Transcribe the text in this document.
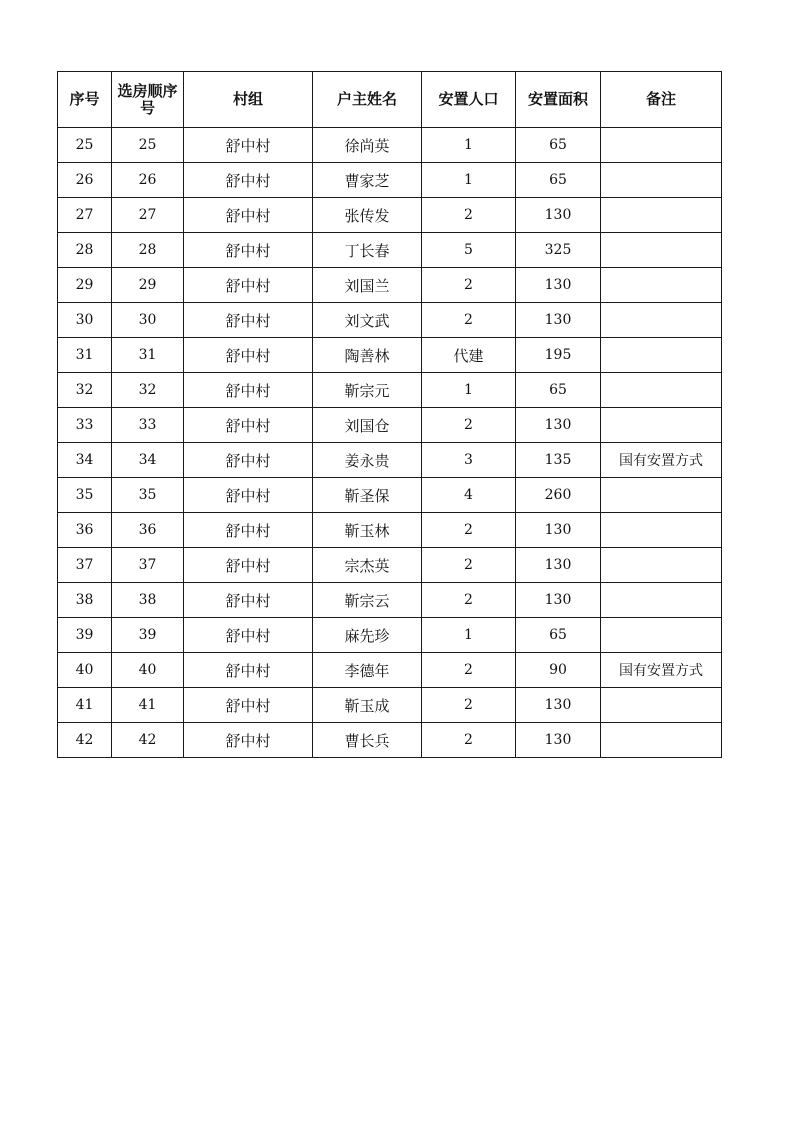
序号	选房顺序号	村组	户主姓名	安置人口	安置面积	备注
25	25	舒中村	徐尚英	1	65	
26	26	舒中村	曹家芝	1	65	
27	27	舒中村	张传发	2	130	
28	28	舒中村	丁长春	5	325	
29	29	舒中村	刘国兰	2	130	
30	30	舒中村	刘文武	2	130	
31	31	舒中村	陶善林	代建	195	
32	32	舒中村	靳宗元	1	65	
33	33	舒中村	刘国仓	2	130	
34	34	舒中村	姜永贵	3	135	国有安置方式
35	35	舒中村	靳圣保	4	260	
36	36	舒中村	靳玉林	2	130	
37	37	舒中村	宗杰英	2	130	
38	38	舒中村	靳宗云	2	130	
39	39	舒中村	麻先珍	1	65	
40	40	舒中村	李德年	2	90	国有安置方式
41	41	舒中村	靳玉成	2	130	
42	42	舒中村	曹长兵	2	130	
